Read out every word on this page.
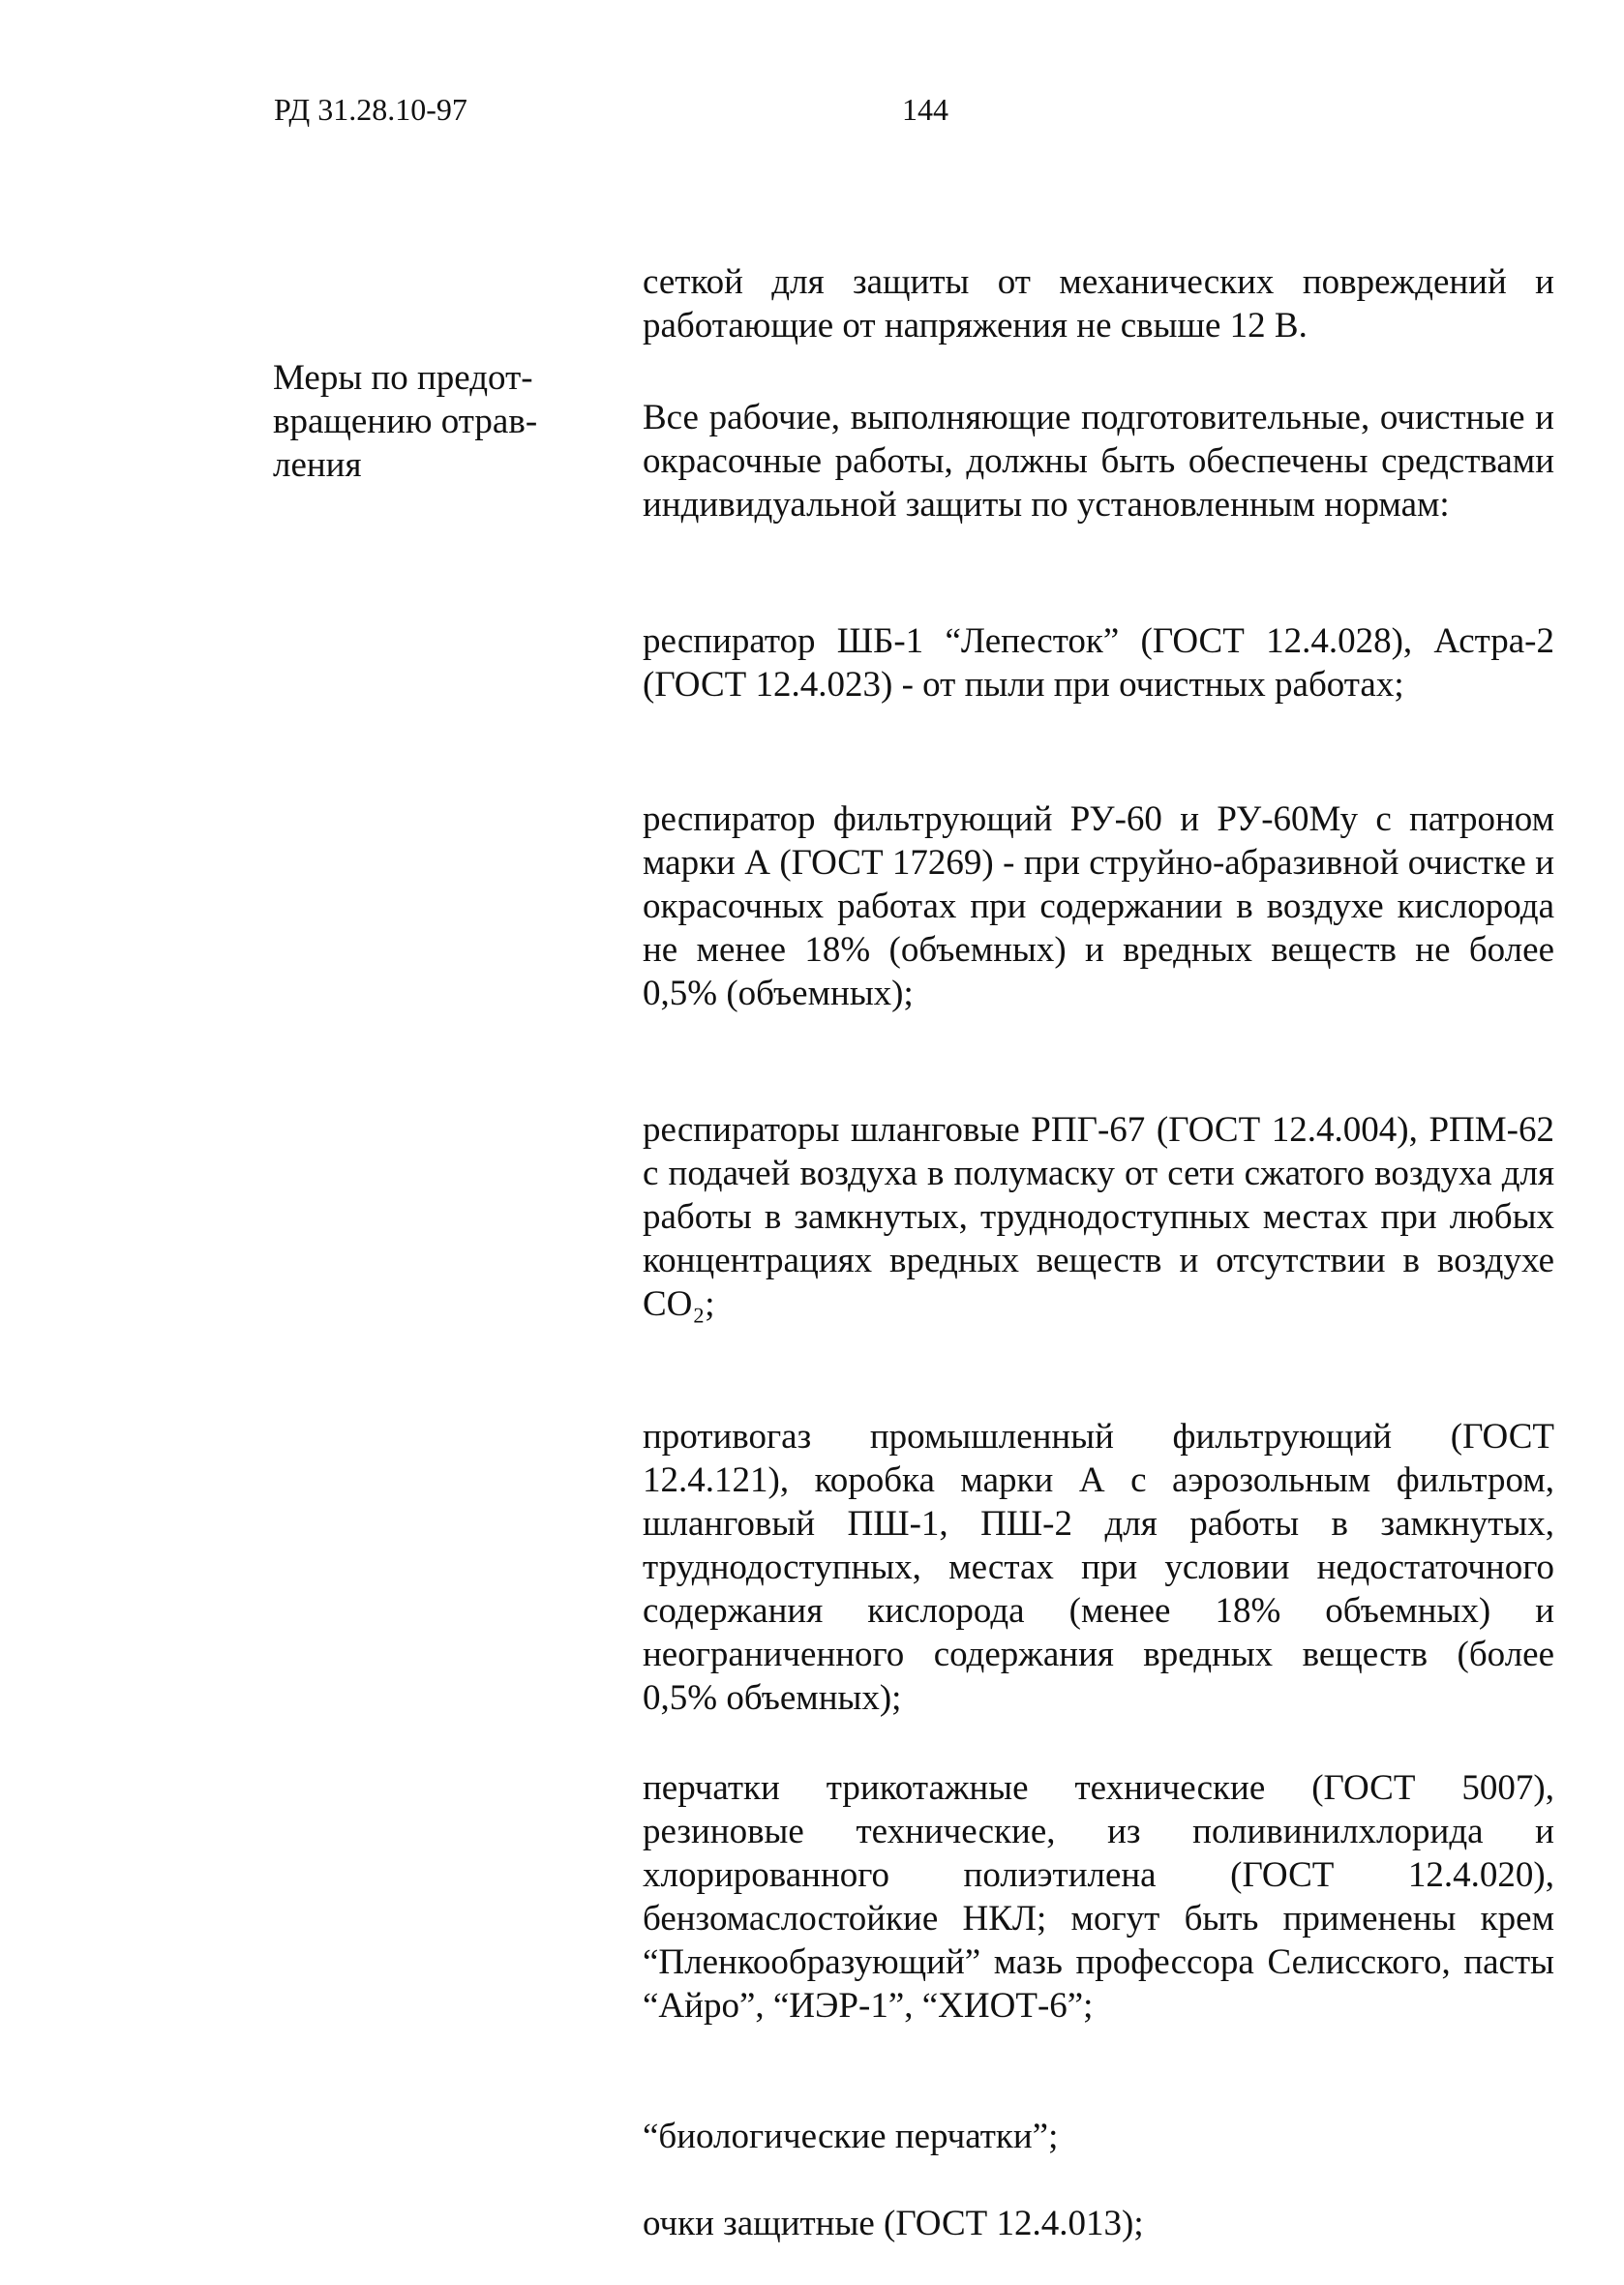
РД 31.28.10-97	144
Меры по предот-
вращению отрав-
ления

сеткой для защиты от механических повреждений и работающие от напряжения не свыше 12 В.

Все рабочие, выполняющие подготовительные, очистные и окрасочные работы, должны быть обеспечены средствами индивидуальной защиты по установленным нормам:

респиратор ШБ-1 “Лепесток” (ГОСТ 12.4.028), Астра-2 (ГОСТ 12.4.023) - от пыли при очистных работах;

респиратор фильтрующий РУ-60 и РУ-60Му с патроном марки А (ГОСТ 17269) - при струйно-абразивной очистке и окрасочных работах при содержании в воздухе кислорода не менее 18% (объемных) и вредных веществ не более 0,5% (объемных);

респираторы шланговые РПГ-67 (ГОСТ 12.4.004), РПМ-62 с подачей воздуха в полумаску от сети сжатого воздуха для работы в замкнутых, труднодоступных местах при любых концентрациях вредных веществ и отсутствии в воздухе СО₂;

противогаз промышленный фильтрующий (ГОСТ 12.4.121), коробка марки А с аэрозольным фильтром, шланговый ПШ-1, ПШ-2 для работы в замкнутых, труднодоступных, местах при условии недостаточного содержания кислорода (менее 18% объемных) и неограниченного содержания вредных веществ (более 0,5% объемных);

перчатки трикотажные технические (ГОСТ 5007), резиновые технические, из поливинилхлорида и хлорированного полиэтилена (ГОСТ 12.4.020), бензомаслостойкие НКЛ; могут быть применены крем “Пленкообразующий” мазь профессора Селисского, пасты “Айро”, “ИЭР-1”, “ХИОТ-6”;

“биологические перчатки”;

очки защитные (ГОСТ 12.4.013);
